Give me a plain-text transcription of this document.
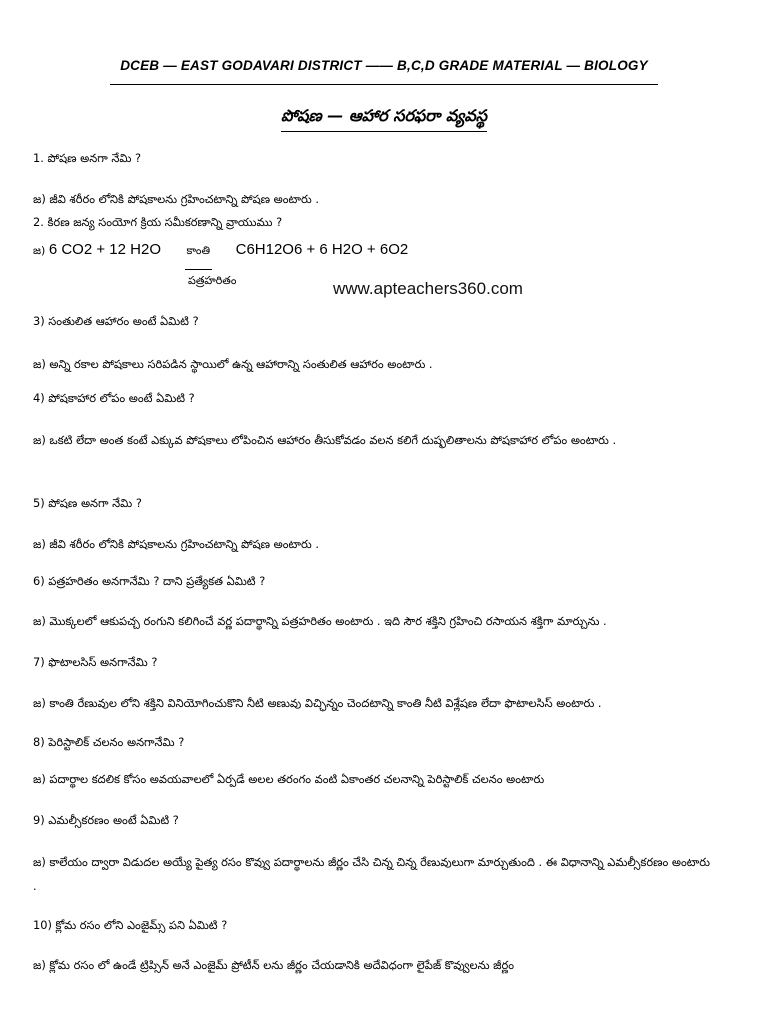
DCEB — EAST GODAVARI DISTRICT —— B,C,D GRADE MATERIAL — BIOLOGY
పోషణ — ఆహార సరఫరా వ్యవస్థ
1. పోషణ అనగా నేమి ?
జ) జీవి శరీరం లోనికి పోషకాలను గ్రహించటాన్ని పోషణ అంటారు .
2. కిరణ జన్య సంయోగ క్రియ సమీకరణాన్ని వ్రాయుము ?
జ) 6 CO2 + 12 H2O కాంతి C6H12O6 + 6 H2O + 6O2
పత్రహరితం	www.apteachers360.com
3) సంతులిత ఆహారం అంటే ఏమిటి ?
జ) అన్ని రకాల పోషకాలు సరిపడిన స్థాయిలో ఉన్న ఆహారాన్ని సంతులిత ఆహారం అంటారు .
4) పోషకాహార లోపం అంటే ఏమిటి ?
జ) ఒకటి లేదా అంత కంటే ఎక్కువ పోషకాలు లోపించిన ఆహారం తీసుకోవడం వలన కలిగే దుష్ఫలితాలను పోషకాహార లోపం అంటారు .
5) పోషణ అనగా నేమి ?
జ) జీవి శరీరం లోనికి పోషకాలను గ్రహించటాన్ని పోషణ అంటారు .
6) పత్రహరితం అనగానేమి ? దాని ప్రత్యేకత ఏమిటి ?
జ) మొక్కలలో ఆకుపచ్చ రంగుని కలిగించే వర్ణ పదార్థాన్ని పత్రహరితం అంటారు . ఇది సౌర శక్తిని గ్రహించి రసాయన శక్తిగా మార్చును .
7) ఫొటాలసిస్ అనగానేమి ?
జ) కాంతి రేణువుల లోని శక్తిని వినియోగించుకొని నీటి అణువు విచ్ఛిన్నం చెందటాన్ని కాంతి నీటి విశ్లేషణ లేదా ఫొటాలసిస్ అంటారు .
8) పెరిస్టాలిక్ చలనం అనగానేమి ?
జ) పదార్థాల కదలిక కోసం అవయవాలలో ఏర్పడే అలల తరంగం వంటి ఏకాంతర చలనాన్ని పెరిస్టాలిక్ చలనం అంటారు
9) ఎమల్సీకరణం అంటే ఏమిటి ?
జ) కాలేయం ద్వారా విడుదల అయ్యే పైత్య రసం కొవ్వు పదార్థాలను జీర్ణం చేసి చిన్న చిన్న రేణువులుగా మార్చుతుంది . ఈ విధానాన్ని ఎమల్సీకరణం అంటారు .
10) క్లోమ రసం లోని ఎంజైమ్స్ పని ఏమిటి ?
జ) క్లోమ రసం లో ఉండే ట్రిప్సిన్ అనే ఎంజైమ్ ప్రోటీన్ లను జీర్ణం చేయడానికి అదేవిధంగా లైపేజ్ కొవ్వులను జీర్ణం
